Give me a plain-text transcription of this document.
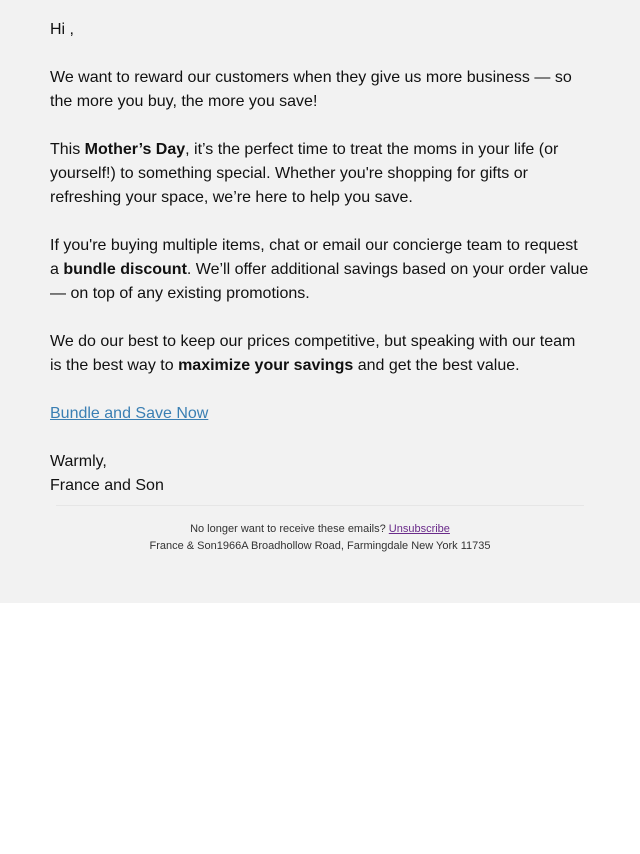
Hi ,

We want to reward our customers when they give us more business — so the more you buy, the more you save!

This Mother’s Day, it’s the perfect time to treat the moms in your life (or yourself!) to something special. Whether you're shopping for gifts or refreshing your space, we’re here to help you save.

If you're buying multiple items, chat or email our concierge team to request a bundle discount. We’ll offer additional savings based on your order value — on top of any existing promotions.

We do our best to keep our prices competitive, but speaking with our team is the best way to maximize your savings and get the best value.

Bundle and Save Now

Warmly,

France and Son

No longer want to receive these emails? Unsubscribe
France & Son1966A Broadhollow Road, Farmingdale New York 11735
